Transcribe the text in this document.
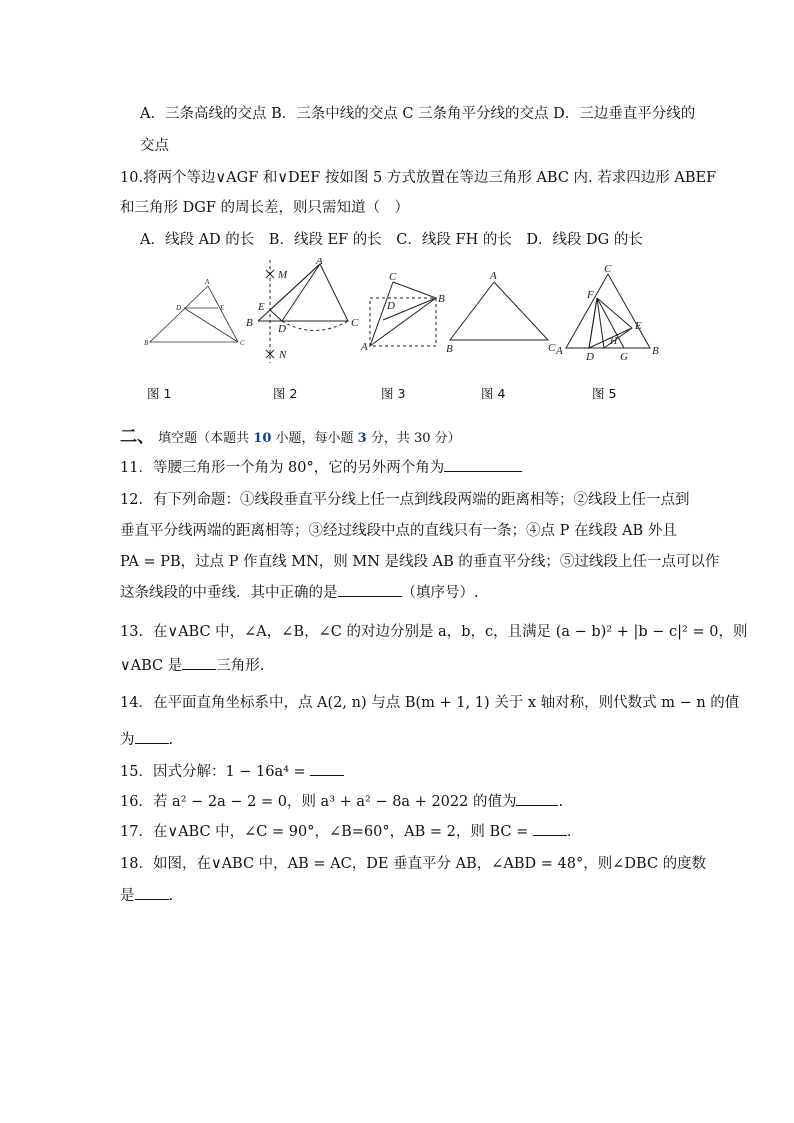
A．三条高线的交点 B．三条中线的交点 C 三条角平分线的交点 D．三边垂直平分线的
交点
10.将两个等边∨AGF 和∨DEF 按如图 5 方式放置在等边三角形 ABC 内. 若求四边形 ABEF
和三角形 DGF 的周长差，则只需知道（　）
A．线段 AD 的长　B．线段 EF 的长　C．线段 FH 的长　D．线段 DG 的长
A
D	E
B	C
M
A
E
B D	C
N
C
D
B
A
A
B	C
C
F
E
H
A D G B
图 1	图 2	图 3	图 4	图 5
二、 填空题（本题共 10 小题，每小题 3 分，共 30 分）
11．等腰三角形一个角为 80°，它的另外两个角为
12．有下列命题：①线段垂直平分线上任一点到线段两端的距离相等；②线段上任一点到
垂直平分线两端的距离相等；③经过线段中点的直线只有一条；④点 P 在线段 AB 外且
PA = PB，过点 P 作直线 MN，则 MN 是线段 AB 的垂直平分线；⑤过线段上任一点可以作
这条线段的中垂线．其中正确的是	（填序号）.
13．在∨ABC 中，∠A，∠B，∠C 的对边分别是 a，b，c，且满足 (a − b)² + |b − c|² = 0，则
∨ABC 是 三角形.
14．在平面直角坐标系中，点 A(2, n) 与点 B(m + 1, 1) 关于 x 轴对称，则代数式 m − n 的值
为 .
15．因式分解：1 − 16a⁴ =
16．若 a² − 2a − 2 = 0，则 a³ + a² − 8a + 2022 的值为	.
17．在∨ABC 中，∠C = 90°，∠B=60°，AB = 2，则 BC =	.
18．如图，在∨ABC 中，AB = AC，DE 垂直平分 AB，∠ABD = 48°，则∠DBC 的度数
是 .
